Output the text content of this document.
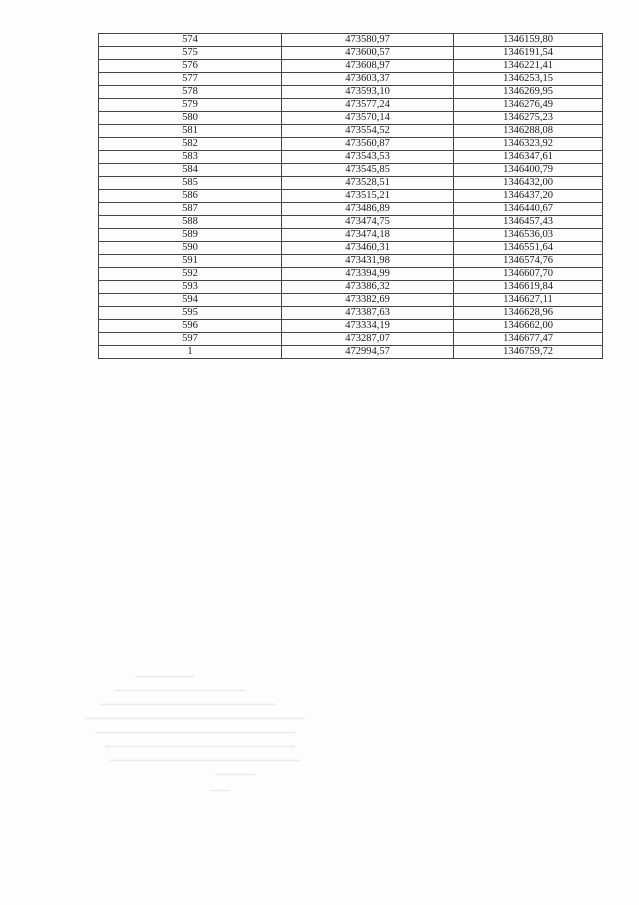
574	473580,97	1346159,80
575	473600,57	1346191,54
576	473608,97	1346221,41
577	473603,37	1346253,15
578	473593,10	1346269,95
579	473577,24	1346276,49
580	473570,14	1346275,23
581	473554,52	1346288,08
582	473560,87	1346323,92
583	473543,53	1346347,61
584	473545,85	1346400,79
585	473528,51	1346432,00
586	473515,21	1346437,20
587	473486,89	1346440,67
588	473474,75	1346457,43
589	473474,18	1346536,03
590	473460,31	1346551,64
591	473431,98	1346574,76
592	473394,99	1346607,70
593	473386,32	1346619,84
594	473382,69	1346627,11
595	473387,63	1346628,96
596	473334,19	1346662,00
597	473287,07	1346677,47
1	472994,57	1346759,72
